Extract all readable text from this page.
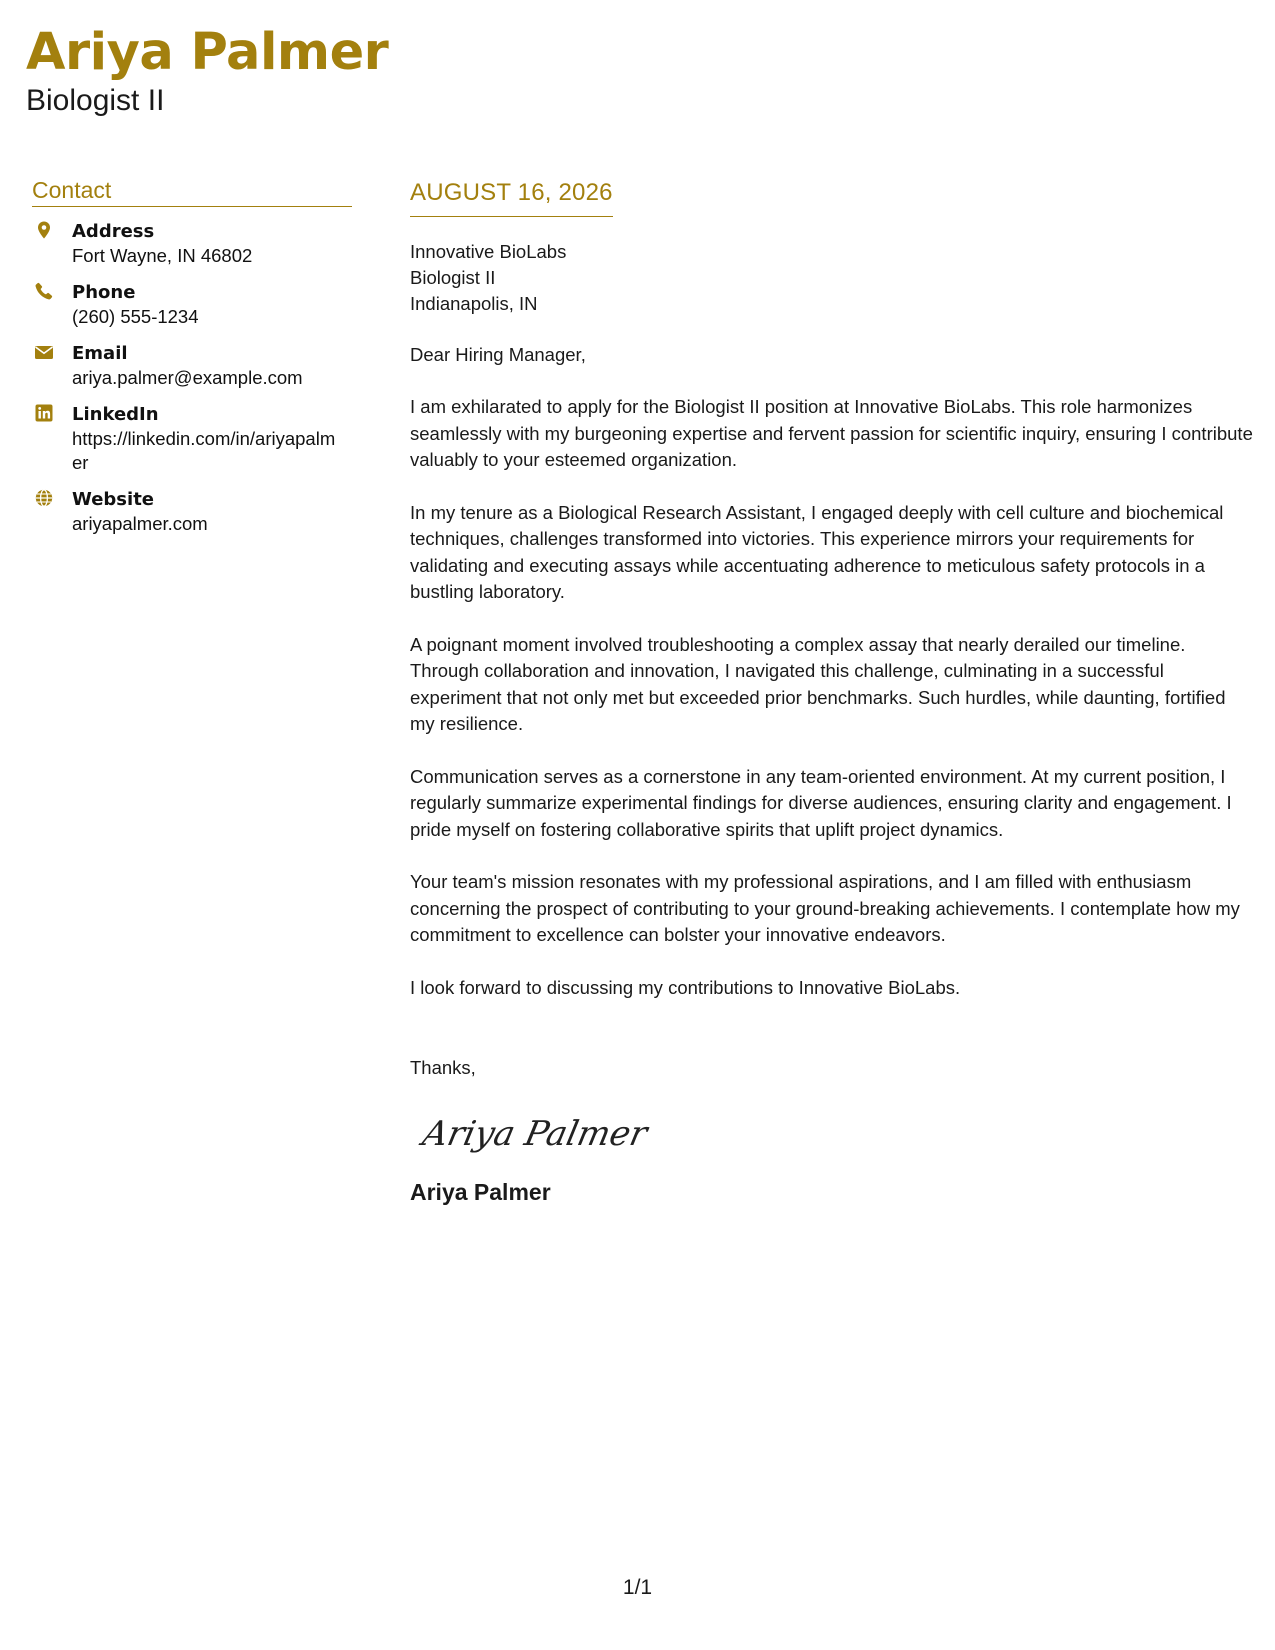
Ariya Palmer
Biologist II
Contact
Address
Fort Wayne, IN 46802
Phone
(260) 555-1234
Email
ariya.palmer@example.com
LinkedIn
https://linkedin.com/in/ariyapalmer
Website
ariyapalmer.com
AUGUST 16, 2026
Innovative BioLabs
Biologist II
Indianapolis, IN
Dear Hiring Manager,
I am exhilarated to apply for the Biologist II position at Innovative BioLabs. This role harmonizes seamlessly with my burgeoning expertise and fervent passion for scientific inquiry, ensuring I contribute valuably to your esteemed organization.
In my tenure as a Biological Research Assistant, I engaged deeply with cell culture and biochemical techniques, challenges transformed into victories. This experience mirrors your requirements for validating and executing assays while accentuating adherence to meticulous safety protocols in a bustling laboratory.
A poignant moment involved troubleshooting a complex assay that nearly derailed our timeline. Through collaboration and innovation, I navigated this challenge, culminating in a successful experiment that not only met but exceeded prior benchmarks. Such hurdles, while daunting, fortified my resilience.
Communication serves as a cornerstone in any team-oriented environment. At my current position, I regularly summarize experimental findings for diverse audiences, ensuring clarity and engagement. I pride myself on fostering collaborative spirits that uplift project dynamics.
Your team's mission resonates with my professional aspirations, and I am filled with enthusiasm concerning the prospect of contributing to your ground-breaking achievements. I contemplate how my commitment to excellence can bolster your innovative endeavors.
I look forward to discussing my contributions to Innovative BioLabs.
Thanks,
Ariya Palmer
Ariya Palmer
1/1
